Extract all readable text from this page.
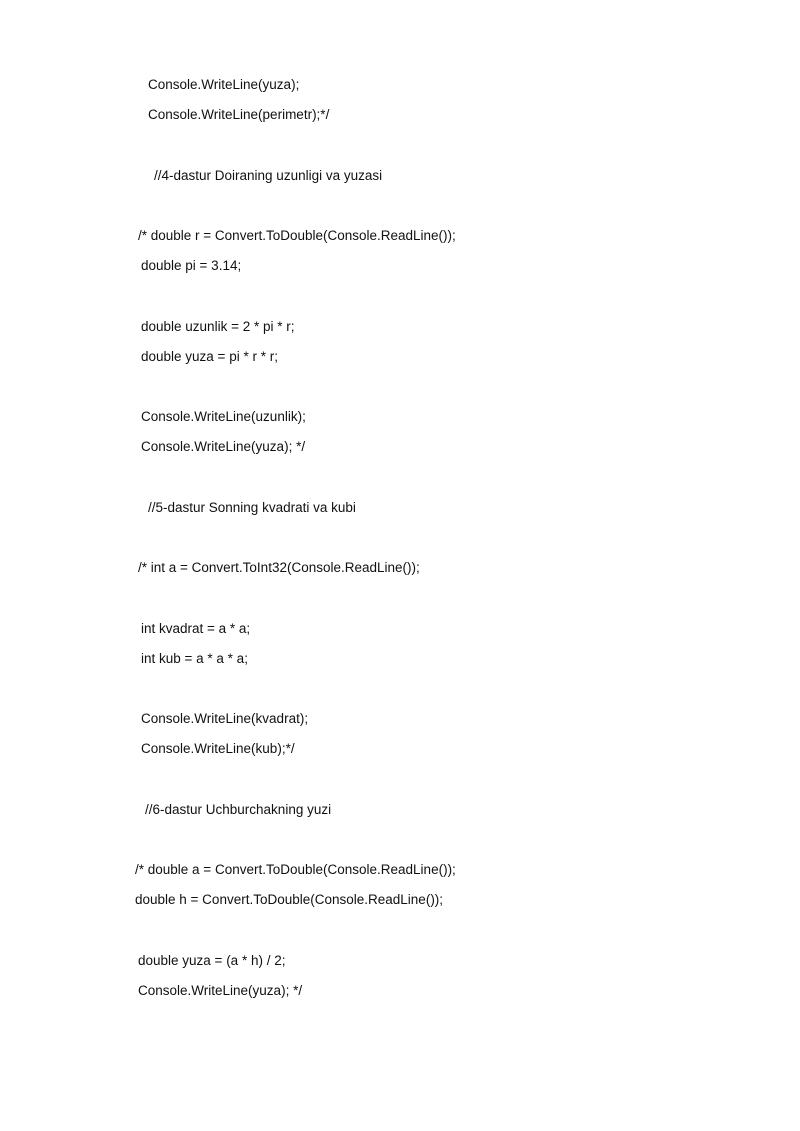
Console.WriteLine(yuza);
Console.WriteLine(perimetr);*/
//4-dastur Doiraning uzunligi va yuzasi
/* double r = Convert.ToDouble(Console.ReadLine());
double pi = 3.14;
double uzunlik = 2 * pi * r;
double yuza = pi * r * r;
Console.WriteLine(uzunlik);
Console.WriteLine(yuza); */
//5-dastur Sonning kvadrati va kubi
/* int a = Convert.ToInt32(Console.ReadLine());
int kvadrat = a * a;
int kub = a * a * a;
Console.WriteLine(kvadrat);
Console.WriteLine(kub);*/
//6-dastur Uchburchakning yuzi
/* double a = Convert.ToDouble(Console.ReadLine());
double h = Convert.ToDouble(Console.ReadLine());
double yuza = (a * h) / 2;
Console.WriteLine(yuza); */
